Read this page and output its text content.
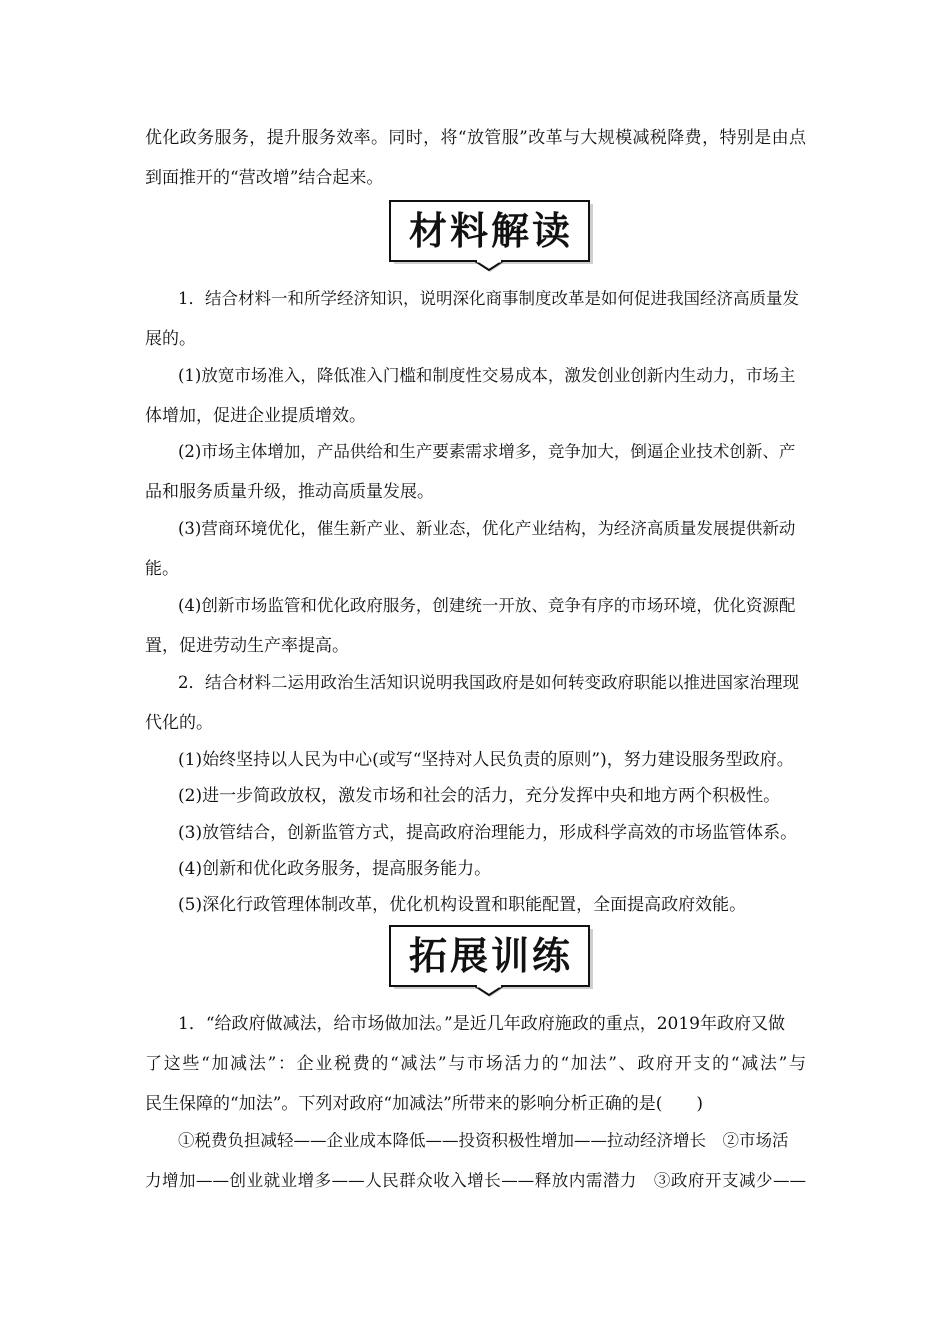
优化政务服务，提升服务效率。同时，将“放管服”改革与大规模减税降费，特别是由点
到面推开的“营改增”结合起来。
材料解读
1．结合材料一和所学经济知识，说明深化商事制度改革是如何促进我国经济高质量发
展的。
(1)放宽市场准入，降低准入门槛和制度性交易成本，激发创业创新内生动力，市场主
体增加，促进企业提质增效。
(2)市场主体增加，产品供给和生产要素需求增多，竞争加大，倒逼企业技术创新、产
品和服务质量升级，推动高质量发展。
(3)营商环境优化，催生新产业、新业态，优化产业结构，为经济高质量发展提供新动
能。
(4)创新市场监管和优化政府服务，创建统一开放、竞争有序的市场环境，优化资源配
置，促进劳动生产率提高。
2．结合材料二运用政治生活知识说明我国政府是如何转变政府职能以推进国家治理现
代化的。
(1)始终坚持以人民为中心(或写“坚持对人民负责的原则”)，努力建设服务型政府。
(2)进一步简政放权，激发市场和社会的活力，充分发挥中央和地方两个积极性。
(3)放管结合，创新监管方式，提高政府治理能力，形成科学高效的市场监管体系。
(4)创新和优化政务服务，提高服务能力。
(5)深化行政管理体制改革，优化机构设置和职能配置，全面提高政府效能。
拓展训练
1．“给政府做减法，给市场做加法。”是近几年政府施政的重点，2019年政府又做
了这些“加减法”：企业税费的“减法”与市场活力的“加法”、政府开支的“减法”与
民生保障的“加法”。下列对政府“加减法”所带来的影响分析正确的是(　　)
①税费负担减轻——企业成本降低——投资积极性增加——拉动经济增长　②市场活
力增加——创业就业增多——人民群众收入增长——释放内需潜力　③政府开支减少——
